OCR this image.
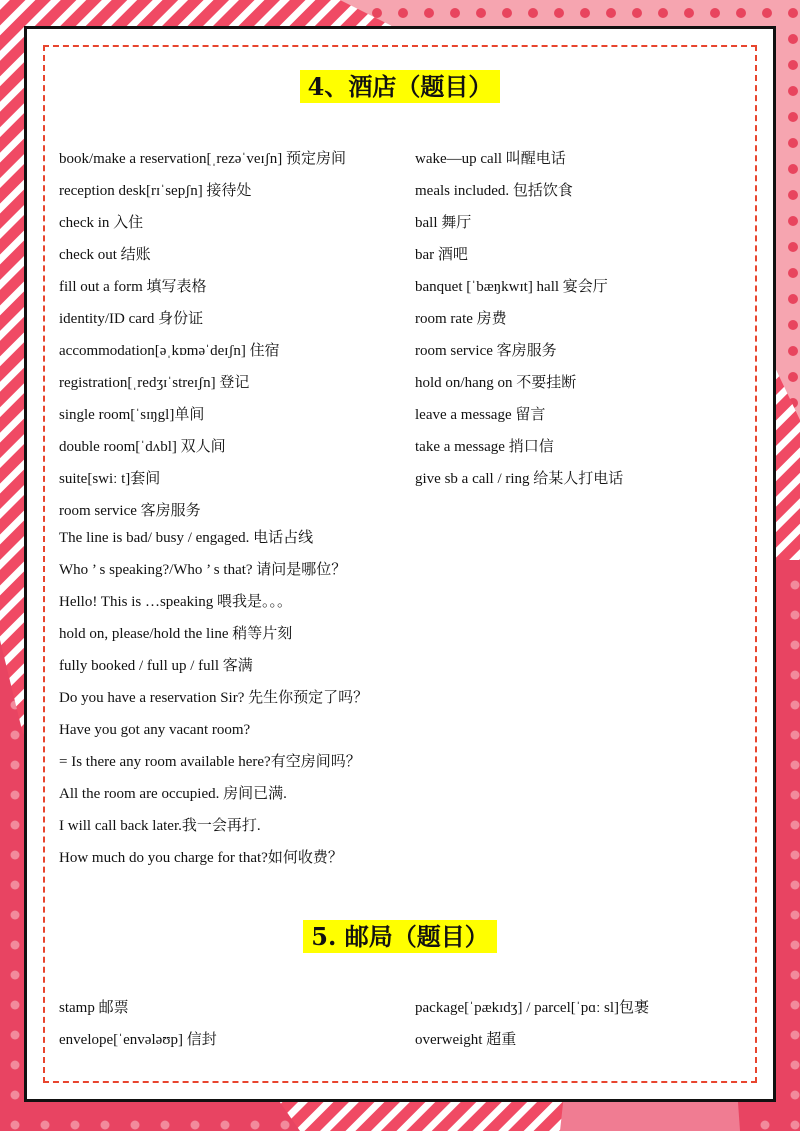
4、酒店（题目）
book/make a reservation[ˌrezəˈveɪʃn] 预定房间
reception desk[rɪˈsepʃn] 接待处
check in 入住
check out 结账
fill out a form 填写表格
identity/ID card 身份证
accommodation[əˌkɒməˈdeɪʃn] 住宿
registration[ˌredʒɪˈstreɪʃn] 登记
single room[ˈsɪŋgl]单间
double room[ˈdʌbl] 双人间
suite[swiː t]套间
room service 客房服务
wake—up call 叫醒电话
meals included. 包括饮食
ball 舞厅
bar 酒吧
banquet [ˈbæŋkwɪt] hall 宴会厅
room rate 房费
room service 客房服务
hold on/hang on 不要挂断
leave a message 留言
take a message 捎口信
give sb a call / ring 给某人打电话
The line is bad/ busy / engaged. 电话占线
Who ’ s speaking?/Who ’ s that? 请问是哪位？
Hello! This is …speaking 喂我是。。。
hold on, please/hold the line 稍等片刻
fully booked / full up / full 客满
Do you have a reservation Sir? 先生你预定了吗？
Have you got any vacant room?
= Is there any room available here?有空房间吗？
All the room are occupied. 房间已满.
I will call back later.我一会再打.
How much do you charge for that?如何收费？
5. 邮局（题目）
stamp 邮票
envelope[ˈenvələʊp] 信封
package[ˈpækɪdʒ] / parcel[ˈpɑː sl]包裹
overweight 超重
